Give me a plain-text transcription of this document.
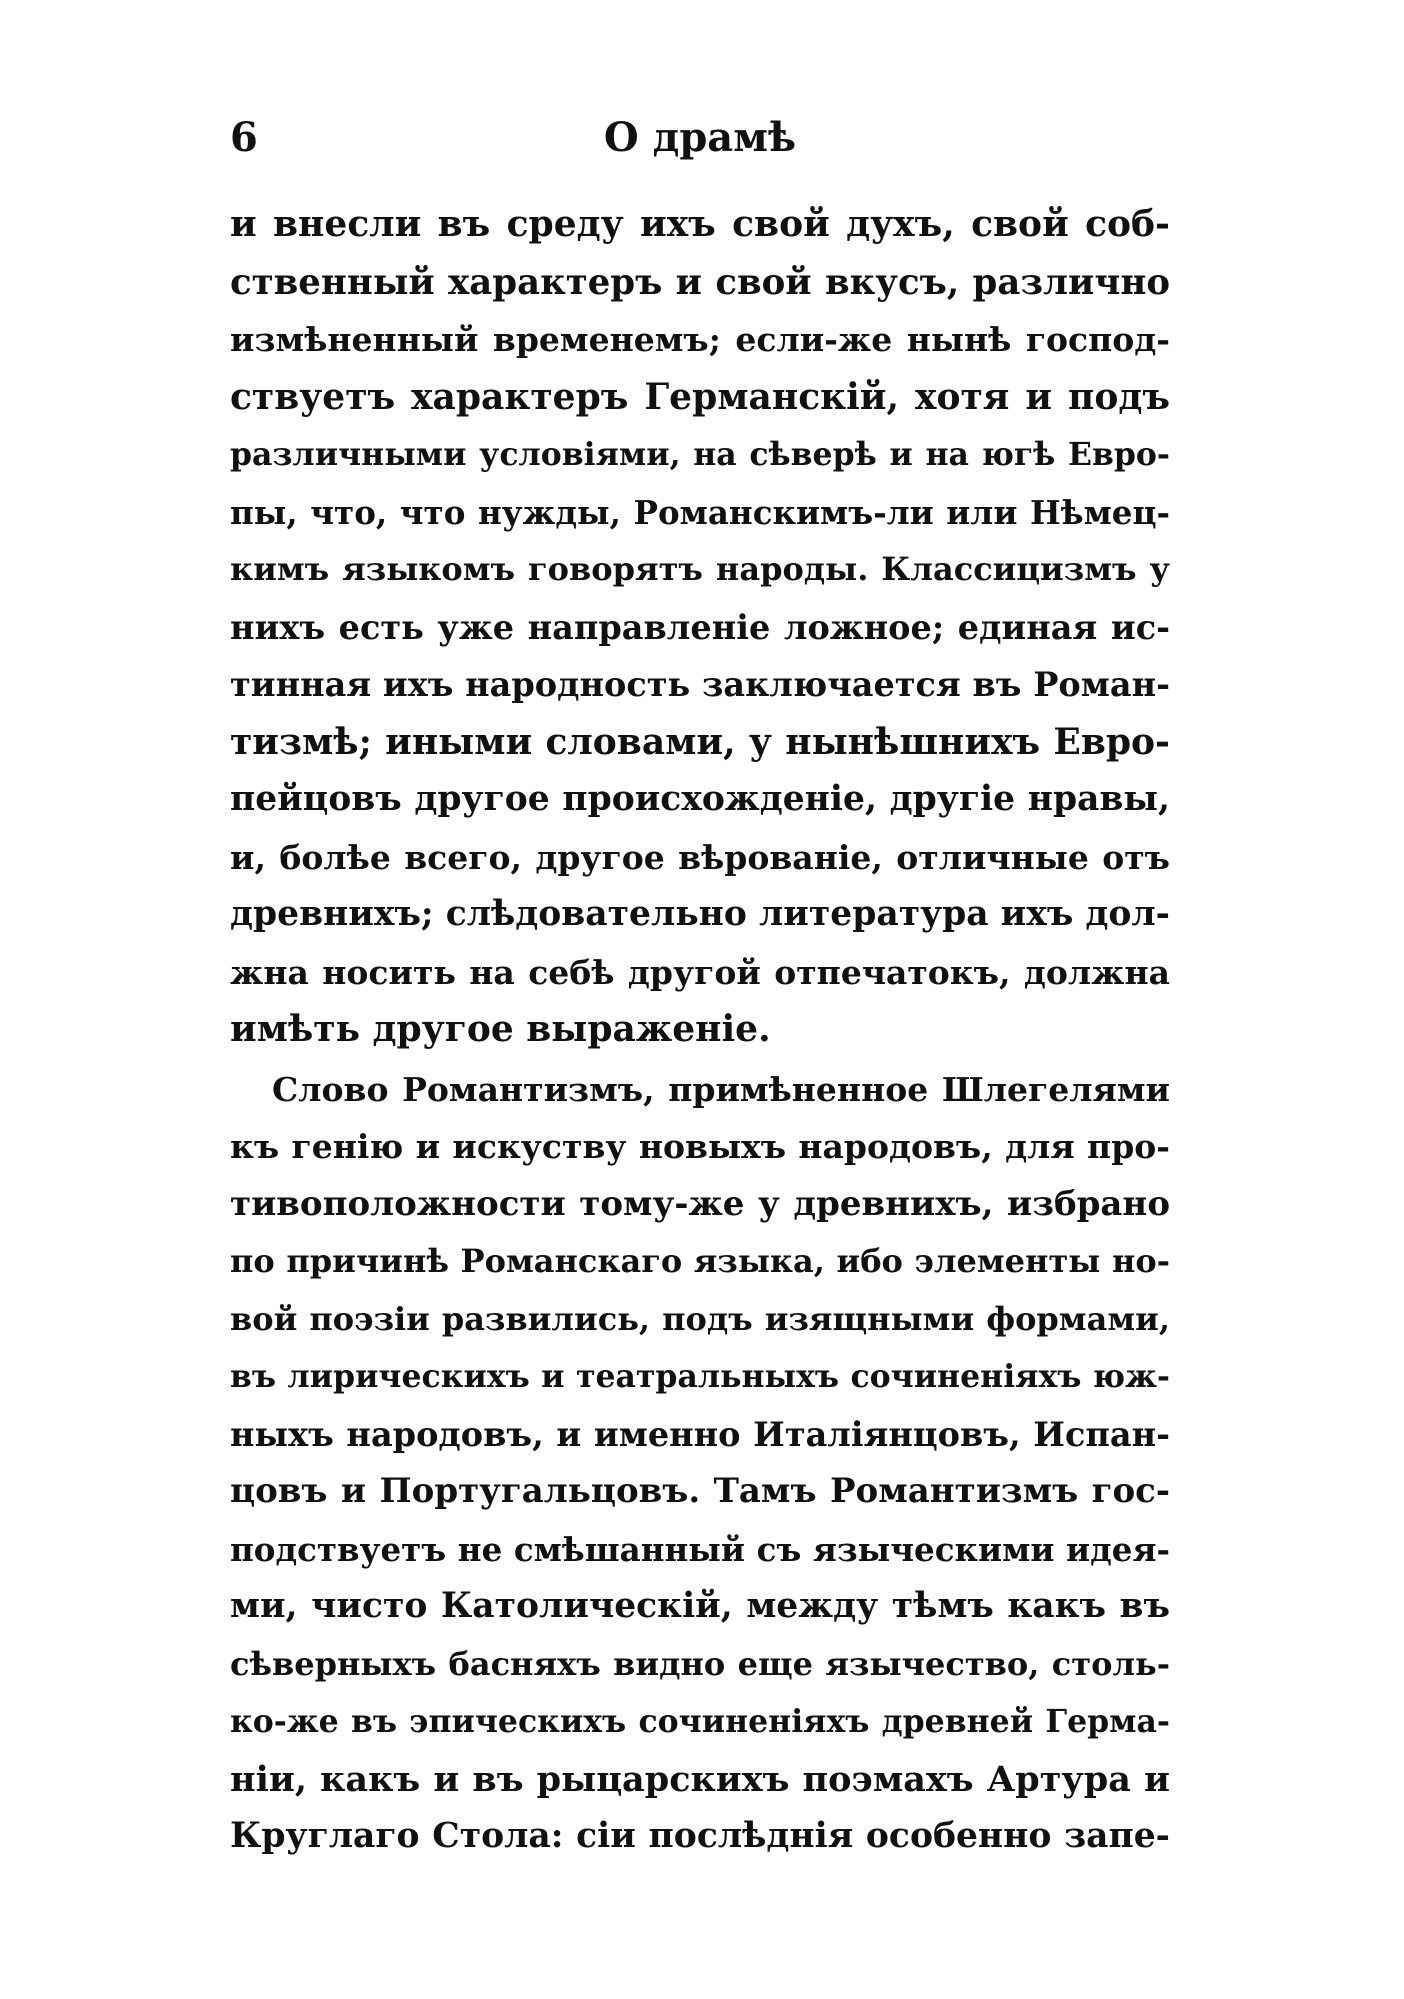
6	О драмѣ

и внесли въ среду ихъ свой духъ, свой соб-
ственный характеръ и свой вкусъ, различно
измѣненный временемъ; если-же нынѣ господ-
ствуетъ характеръ Германскій, хотя и подъ
различными условіями, на сѣверѣ и на югѣ Евро-
пы, что, что нужды, Романскимъ-ли или Нѣмец-
кимъ языкомъ говорятъ народы. Классицизмъ у
нихъ есть уже направленіе ложное; единая ис-
тинная ихъ народность заключается въ Роман-
тизмѣ; иными словами, у нынѣшнихъ Евро-
пейцовъ другое происхожденіе, другіе нравы,
и, болѣе всего, другое вѣрованіе, отличные отъ
древнихъ; слѣдовательно литература ихъ дол-
жна носить на себѣ другой отпечатокъ, должна
имѣть другое выраженіе.

Слово Романтизмъ, примѣненное Шлегелями
къ генію и искуству новыхъ народовъ, для про-
тивоположности тому-же у древнихъ, избрано
по причинѣ Романскаго языка, ибо элементы но-
вой поэзіи развились, подъ изящными формами,
въ лирическихъ и театральныхъ сочиненіяхъ юж-
ныхъ народовъ, и именно Италіянцовъ, Испан-
цовъ и Португальцовъ. Тамъ Романтизмъ гос-
подствуетъ не смѣшанный съ языческими идея-
ми, чисто Католическій, между тѣмъ какъ въ
сѣверныхъ басняхъ видно еще язычество, столь-
ко-же въ эпическихъ сочиненіяхъ древней Герма-
ніи, какъ и въ рыцарскихъ поэмахъ Артура и
Круглаго Стола: сіи послѣднія особенно запе-
